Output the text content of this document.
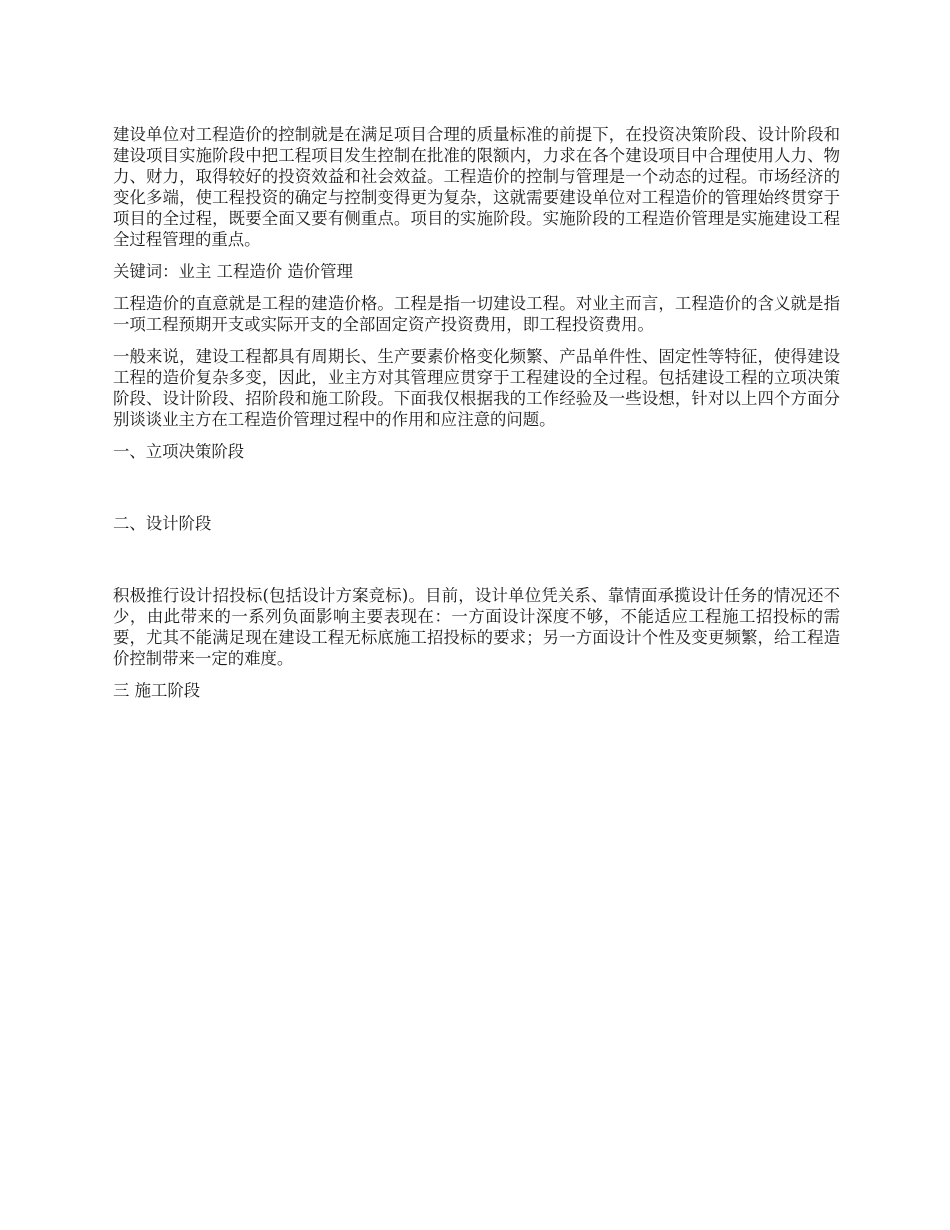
建设单位对工程造价的控制就是在满足项目合理的质量标准的前提下，在投资决策阶段、设计阶段和建设项目实施阶段中把工程项目发生控制在批准的限额内，力求在各个建设项目中合理使用人力、物力、财力，取得较好的投资效益和社会效益。工程造价的控制与管理是一个动态的过程。市场经济的变化多端，使工程投资的确定与控制变得更为复杂，这就需要建设单位对工程造价的管理始终贯穿于项目的全过程，既要全面又要有侧重点。项目的实施阶段。实施阶段的工程造价管理是实施建设工程全过程管理的重点。

关键词：业主 工程造价 造价管理

工程造价的直意就是工程的建造价格。工程是指一切建设工程。对业主而言，工程造价的含义就是指一项工程预期开支或实际开支的全部固定资产投资费用，即工程投资费用。

一般来说，建设工程都具有周期长、生产要素价格变化频繁、产品单件性、固定性等特征，使得建设工程的造价复杂多变，因此，业主方对其管理应贯穿于工程建设的全过程。包括建设工程的立项决策阶段、设计阶段、招阶段和施工阶段。下面我仅根据我的工作经验及一些设想，针对以上四个方面分别谈谈业主方在工程造价管理过程中的作用和应注意的问题。

一、立项决策阶段

二、设计阶段

积极推行设计招投标(包括设计方案竞标)。目前，设计单位凭关系、靠情面承揽设计任务的情况还不少，由此带来的一系列负面影响主要表现在：一方面设计深度不够，不能适应工程施工招投标的需要，尤其不能满足现在建设工程无标底施工招投标的要求；另一方面设计个性及变更频繁，给工程造价控制带来一定的难度。

三 施工阶段
